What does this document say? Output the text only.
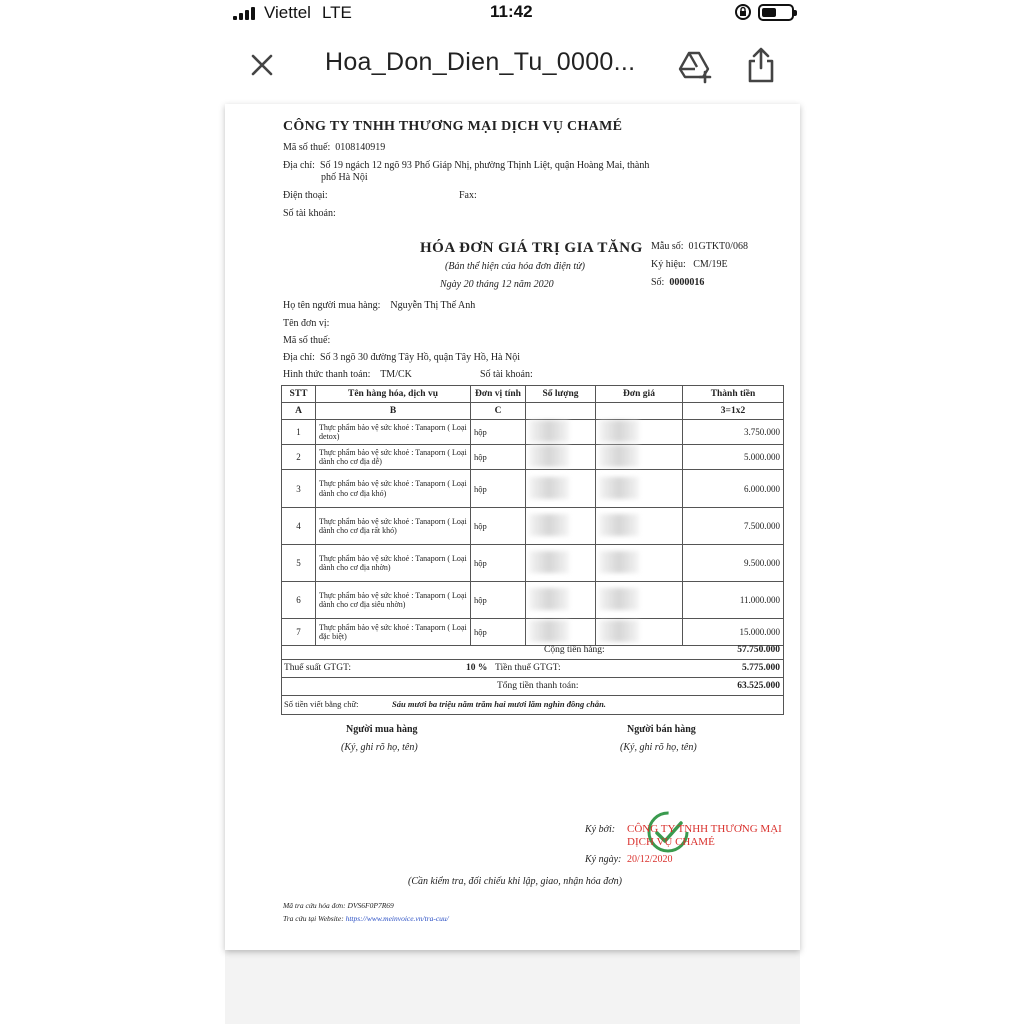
Viettel LTE	11:42
Hoa_Don_Dien_Tu_0000...
CÔNG TY TNHH THƯƠNG MẠI DỊCH VỤ CHAMÉ
Mã số thuế: 0108140919
Địa chỉ: Số 19 ngách 12 ngõ 93 Phố Giáp Nhị, phường Thịnh Liệt, quận Hoàng Mai, thành
phố Hà Nội
Điện thoại:	Fax:
Số tài khoản:
HÓA ĐƠN GIÁ TRỊ GIA TĂNG
(Bản thể hiện của hóa đơn điện tử)
Ngày 20 tháng 12 năm 2020
Mẫu số: 01GTKT0/068
Ký hiệu: CM/19E
Số: 0000016
Họ tên người mua hàng: Nguyễn Thị Thế Anh
Tên đơn vị:
Mã số thuế:
Địa chỉ: Số 3 ngõ 30 đường Tây Hồ, quận Tây Hồ, Hà Nội
Hình thức thanh toán: TM/CK	Số tài khoản:
STT	Tên hàng hóa, dịch vụ	Đơn vị tính	Số lượng	Đơn giá	Thành tiền
A	B	C			3=1x2
1	Thực phẩm bảo vệ sức khoẻ : Tanaporn ( Loại detox)	hộp			3.750.000
2	Thực phẩm bảo vệ sức khoẻ : Tanaporn ( Loại dành cho cơ địa dễ)	hộp			5.000.000
3	Thực phẩm bảo vệ sức khoẻ : Tanaporn ( Loại dành cho cơ địa khó)	hộp			6.000.000
4	Thực phẩm bảo vệ sức khoẻ : Tanaporn ( Loại dành cho cơ địa rất khó)	hộp			7.500.000
5	Thực phẩm bảo vệ sức khoẻ : Tanaporn ( Loại dành cho cơ địa nhờn)	hộp			9.500.000
6	Thực phẩm bảo vệ sức khoẻ : Tanaporn ( Loại dành cho cơ địa siêu nhờn)	hộp			11.000.000
7	Thực phẩm bảo vệ sức khoẻ : Tanaporn ( Loại đặc biệt)	hộp			15.000.000
Cộng tiền hàng:	57.750.000
Thuế suất GTGT:	10 % Tiền thuế GTGT:	5.775.000
Tổng tiền thanh toán:	63.525.000
Số tiền viết bằng chữ:	Sáu mươi ba triệu năm trăm hai mươi lăm nghìn đồng chẵn.
Người mua hàng
(Ký, ghi rõ họ, tên)
Người bán hàng
(Ký, ghi rõ họ, tên)
Ký bởi: CÔNG TY TNHH THƯƠNG MẠI
DỊCH VỤ CHAMÉ
Ký ngày: 20/12/2020
(Cần kiểm tra, đối chiếu khi lập, giao, nhận hóa đơn)
Mã tra cứu hóa đơn: DVS6F0P7R69
Tra cứu tại Website: https://www.meinvoice.vn/tra-cuu/
